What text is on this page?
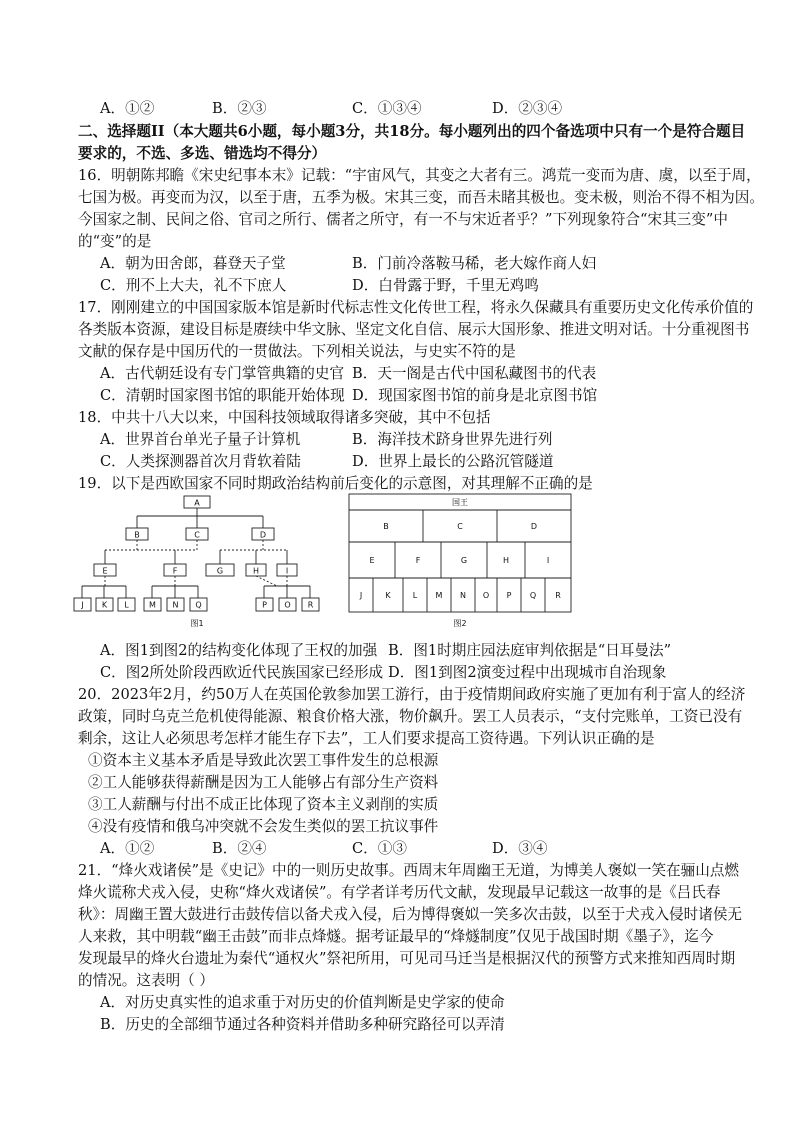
A．①②	B．②③	C．①③④	D．②③④
二、选择题II（本大题共6小题，每小题3分，共18分。每小题列出的四个备选项中只有一个是符合题目
要求的，不选、多选、错选均不得分）
16．明朝陈邦瞻《宋史纪事本末》记载：“宇宙风气，其变之大者有三。鸿荒一变而为唐、虞，以至于周，
七国为极。再变而为汉，以至于唐，五季为极。宋其三变，而吾未睹其极也。变未极，则治不得不相为因。
今国家之制、民间之俗、官司之所行、儒者之所守，有一不与宋近者乎？”下列现象符合“宋其三变”中
的“变”的是
A．朝为田舍郎，暮登天子堂	B．门前冷落鞍马稀，老大嫁作商人妇
C．刑不上大夫，礼不下庶人	D．白骨露于野，千里无鸡鸣
17．刚刚建立的中国国家版本馆是新时代标志性文化传世工程，将永久保藏具有重要历史文化传承价值的
各类版本资源，建设目标是赓续中华文脉、坚定文化自信、展示大国形象、推进文明对话。十分重视图书
文献的保存是中国历代的一贯做法。下列相关说法，与史实· · 不符的是
A．古代朝廷设有专门掌管典籍的史官 B．天一阁是古代中国私藏图书的代表
C．清朝时国家图书馆的职能开始体现 D．现国家图书馆的前身是北京图书馆
18．中共十八大以来，中国科技领域取得诸多突破，其中不包括
A．世界首台单光子量子计算机	B．海洋技术跻身世界先进行列
C．人类探测器首次月背软着陆	D．世界上最长的公路沉管隧道
19．以下是西欧国家不同时期政治结构前后变化的示意图，对其理解不正确的是
A
B	C	D
E	F	G	H	I
J K L	M N Q	P O R
图1
国王
B	C	D
E	F	G	H	I
J	K	L M N O P Q R
图2
A．图1到图2的结构变化体现了王权的加强 B．图1时期庄园法庭审判依据是“日耳曼法”
C．图2所处阶段西欧近代民族国家已经形成 D．图1到图2演变过程中出现城市自治现象
20．2023年2月，约50万人在英国伦敦参加罢工游行，由于疫情期间政府实施了更加有利于富人的经济
政策，同时乌克兰危机使得能源、粮食价格大涨，物价飙升。罢工人员表示，“支付完账单，工资已没有
剩余，这让人必须思考怎样才能生存下去”，工人们要求提高工资待遇。下列认识正确的是
①资本主义基本矛盾是导致此次罢工事件发生的总根源
②工人能够获得薪酬是因为工人能够占有部分生产资料
③工人薪酬与付出不成正比体现了资本主义剥削的实质
④没有疫情和俄乌冲突就不会发生类似的罢工抗议事件
A．①②	B．②④	C．①③	D．③④
21．“烽火戏诸侯”是《史记》中的一则历史故事。西周末年周幽王无道，为博美人褒姒一笑在骊山点燃
烽火谎称犬戎入侵，史称“烽火戏诸侯”。有学者详考历代文献，发现最早记载这一故事的是《吕氏春
秋》：周幽王置大鼓进行击鼓传信以备犬戎入侵，后为博得褒姒一笑多次击鼓，以至于犬戎入侵时诸侯无
人来救，其中明载“幽王击鼓”而非点烽燧。据考证最早的“烽燧制度”仅见于战国时期《墨子》，迄今
发现最早的烽火台遗址为秦代“通权火”祭祀所用，可见司马迁当是根据汉代的预警方式来推知西周时期
的情况。这表明（ ）
A．对历史真实性的追求重于对历史的价值判断是史学家的使命
B．历史的全部细节通过各种资料并借助多种研究路径可以弄清
